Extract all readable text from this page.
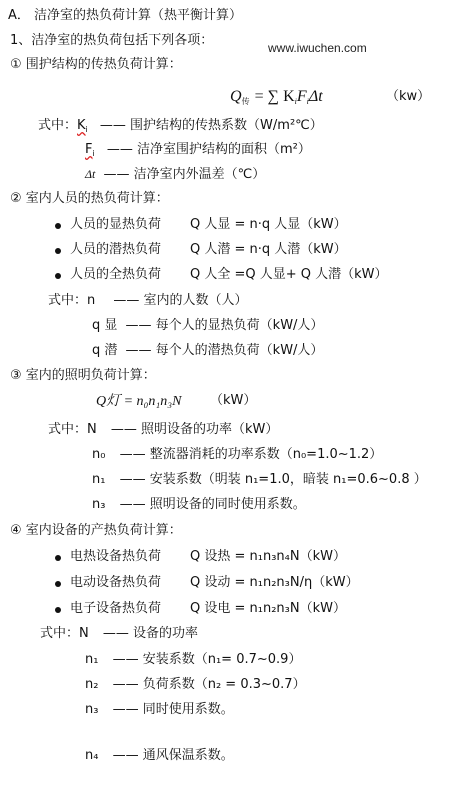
A． 洁净室的热负荷计算（热平衡计算）
1、洁净室的热负荷包括下列各项：	www.iwuchen.com
① 围护结构的传热负荷计算：
$Q_传$ = ∑ $K_iF_i\Delta t$	（kw）
式中：$K_i$ —— 围护结构的传热系数（W/m²℃）
$F_i$ —— 洁净室围护结构的面积（m²）
Δt —— 洁净室内外温差（℃）
② 室内人员的热负荷计算：
人员的显热负荷 Q 人显 = n·q 人显（kW）
人员的潜热负荷 Q 人潜 = n·q 人潜（kW）
人员的全热负荷 Q 人全 =Q 人显+ Q 人潜（kW）
式中：n —— 室内的人数（人）
q 显 —— 每个人的显热负荷（kW/人）
q 潜 —— 每个人的潜热负荷（kW/人）
③ 室内的照明负荷计算：
Q灯 = n₀n₁n₃N （kW）
式中：N —— 照明设备的功率（kW）
n₀ —— 整流器消耗的功率系数（n₀=1.0~1.2）
n₁ —— 安装系数（明装 n₁=1.0，暗装 n₁=0.6~0.8 ）
n₃ —— 照明设备的同时使用系数。
④ 室内设备的产热负荷计算：
电热设备热负荷 Q 设热 = n₁n₃n₄N（kW）
电动设备热负荷 Q 设动 = n₁n₂n₃N/η（kW）
电子设备热负荷 Q 设电 = n₁n₂n₃N（kW）
式中：N —— 设备的功率
n₁ —— 安装系数（n₁= 0.7~0.9）
n₂ —— 负荷系数（n₂ = 0.3~0.7）
n₃ —— 同时使用系数。
n₄ —— 通风保温系数。
